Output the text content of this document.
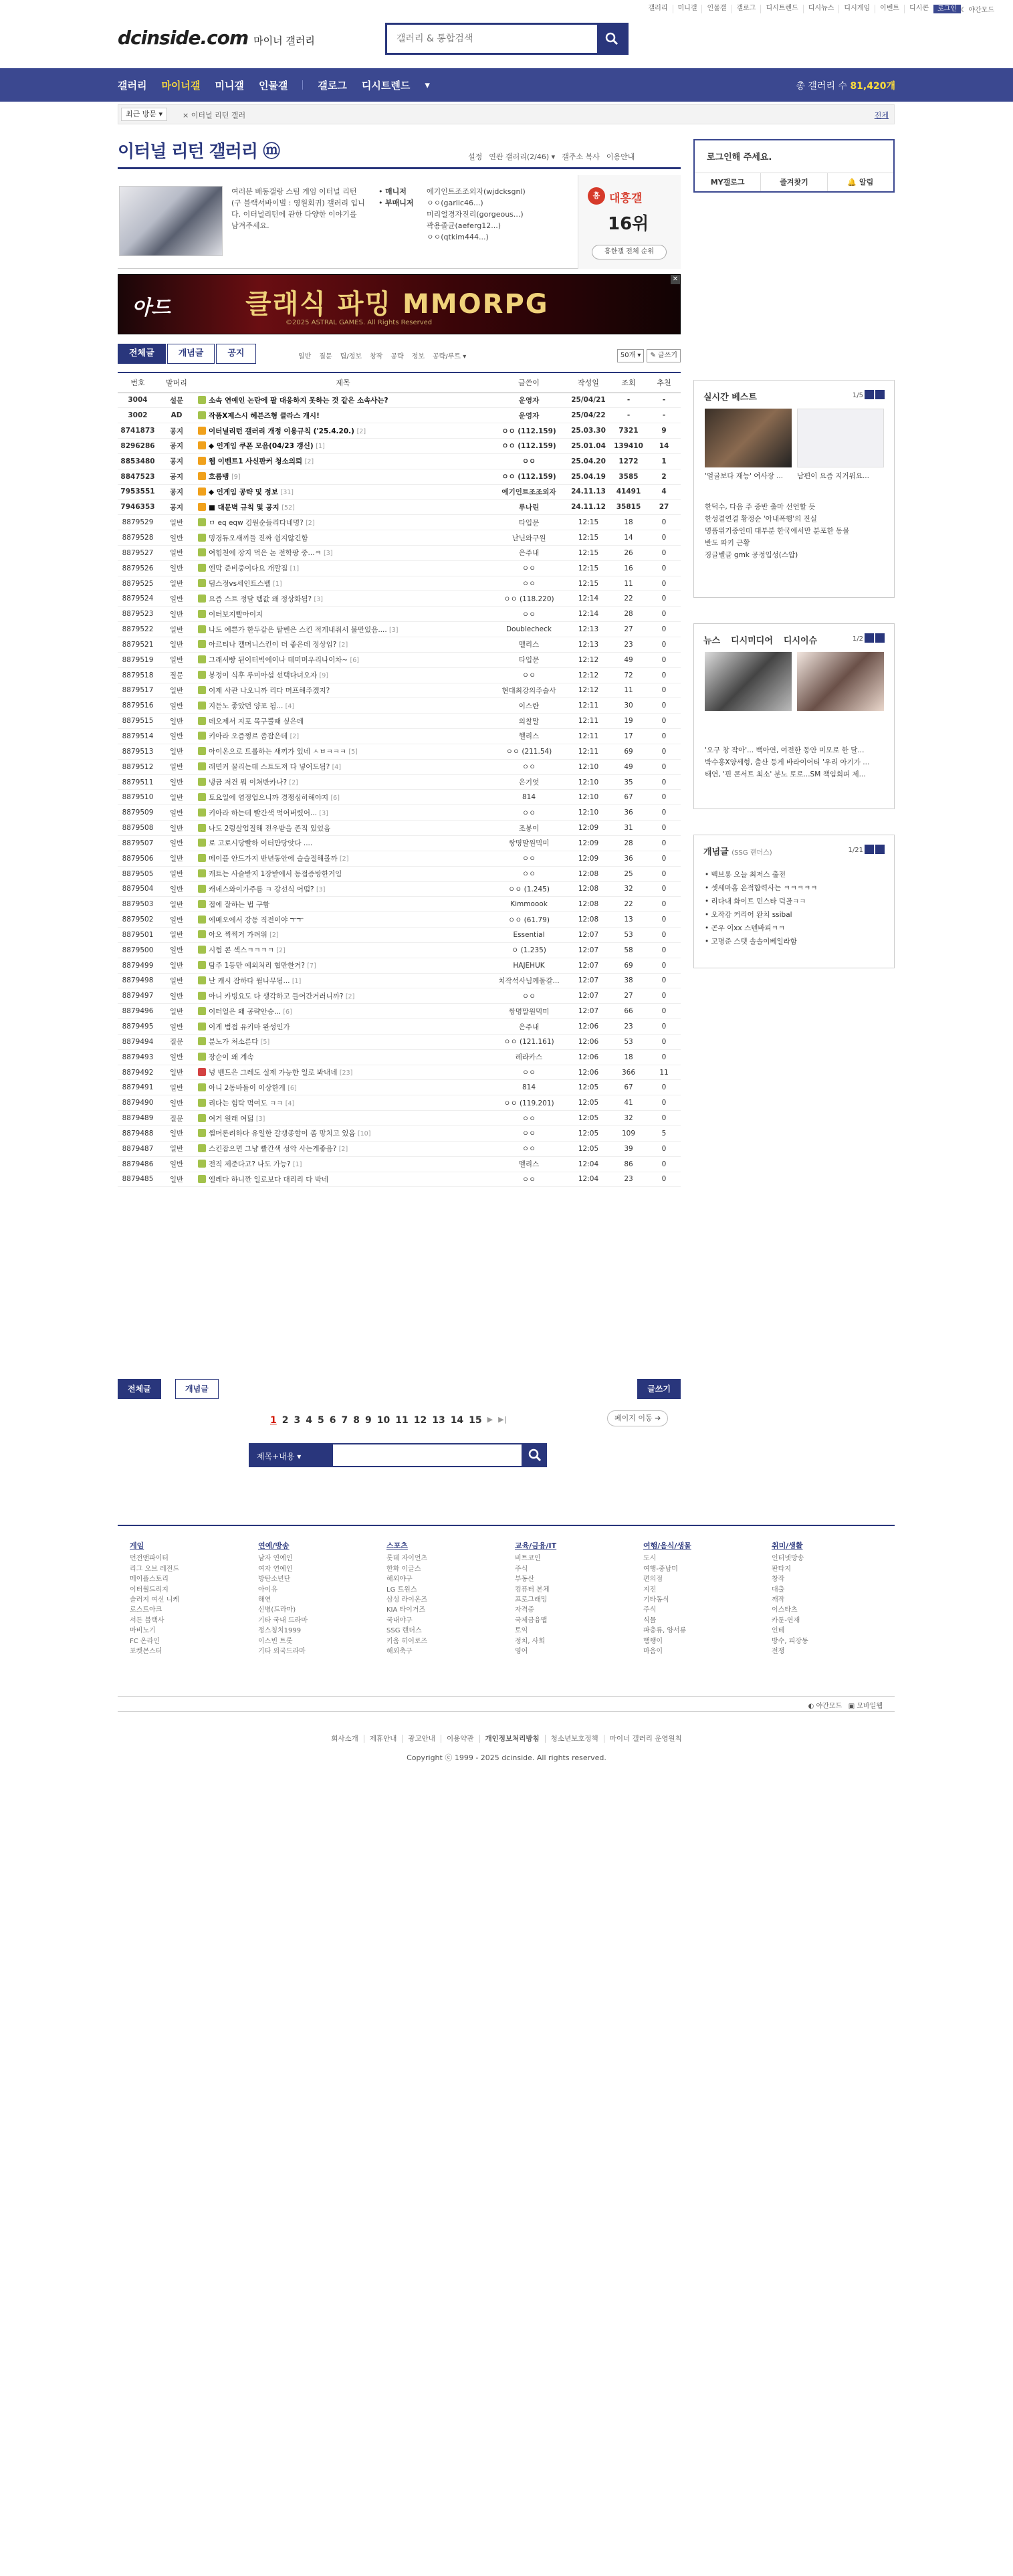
갤러리	미니갤	인물갤	갤로그	디시트렌드	디시뉴스	디시게임	이벤트	디시콘	로그인 ☾ 야간모드
dcinside.com 마이너 갤러리
갤러리 & 통합검색
갤러리 마이너갤 미니갤 인물갤	갤로그 디시트렌드 ▾	총 갤러리 수 81,420개
최근 방문 ▾	× 이터널 리턴 갤러	전체
이터널 리턴 갤러리 ⓜ	설정 연관 갤러리(2/46) ▾ 갤주소 복사 이용안내
여러분 배동갤랑 스팀 게임 이터널 리턴(구 블랙서바이벌 : 영원회귀) 갤러리 입니다. 이터널리턴에 관한 다양한 이야기를 남겨주세요.
• 매니저
• 부매니저
에기인트조조외자(wjdcksgnl)
ㅇㅇ(garlic46...)
미리얼경자진리(gorgeous...)
곽용졸균(aeferg12...)
ㅇㅇ(qtkim444...)
흥 대흥갤
16위
흥한갤 전체 순위
아드	클래식 파밍 MMORPG
©2025 ASTRAL GAMES. All Rights Reserved
✕
전체글	개념글	공지	일반 질문 팁/정보 창작 공략 정보 공략/루트 ▾	50개 ▾	✎ 글쓰기
번호	말머리	제목	글쓴이	작성일	조회	추천
3004	설문	소속 연예인 논란에 팔 대응하지 못하는 것 같은 소속사는?	운영자	25/04/21	-	-
3002	AD	작품X제스시 헤븐즈형 클라스 개시!	운영자	25/04/22	-	-
8741873	공지	이터널리턴 갤러리 개정 이용규칙 ('25.4.20.) [2]	ㅇㅇ (112.159)	25.03.30	7321	9
8296286	공지	◆ 인게임 쿠폰 모음(04/23 갱신) [1]	ㅇㅇ (112.159)	25.01.04	139410	14
8853480	공지	웹 이벤트1 사신판커 청소의뢰 [2]	ㅇㅇ	25.04.20	1272	1
8847523	공지	흐름뱅 [9]	ㅇㅇ (112.159)	25.04.19	3585	2
7953551	공지	◆ 인게임 공략 및 정보 [31]	에기인트조조외자	24.11.13	41491	4
7946353	공지	■ 대문벽 규칙 및 공지 [52]	루나린	24.11.12	35815	27
8879529	일반	ㅁ eq eqw 김원순들리다네명? [2]	타입문	12:15	18	0
8879528	일반	밍경듀오새끼들 진짜 쉽지않긴함	난닌와구원	12:15	14	0
8879527	일반	여힘천에 장지 먹은 논 전학팡 중...ㅋ [3]	은주내	12:15	26	0
8879526	일반	엔막 준비중이다요 개깔짐 [1]	ㅇㅇ	12:15	16	0
8879525	일반	덤스정vs세인트스벨 [1]	ㅇㅇ	12:15	11	0
8879524	일반	요즘 스트 정달 템값 왜 정상화됨? [3]	ㅇㅇ (118.220)	12:14	22	0
8879523	일반	이터보지빨아이지	ㅇㅇ	12:14	28	0
8879522	일반	나도 예쁜가 한두같은 탈벤은 스킨 적게내줘서 불만있음.... [3]	Doublecheck	12:13	27	0
8879521	일반	아르티나 캘머니스킨이 더 좋은데 정상임? [2]	멜리스	12:13	23	0
8879519	일반	그래서빵 된이터빅에이나 데미머우리나이차~ [6]	타입문	12:12	49	0
8879518	질문	봉정이 식후 루미아섬 선택다녀오자 [9]	ㅇㅇ	12:12	72	0
8879517	일반	이제 사관 나오니까 리다 머프해주겠지?	현대최강의주술사	12:12	11	0
8879516	일반	지듣노 좋았던 양포 됨... [4]	이스란	12:11	30	0
8879515	일반	데오제서 지포 목구뿔때 싶은데	의찰말	12:11	19	0
8879514	일반	키아라 오즘쩡르 좀잡은데 [2]	헬리스	12:11	17	0
8879513	일반	아이온으로 트롤하는 새끼가 있네 ㅅㅂㅋㅋㅋ [5]	ㅇㅇ (211.54)	12:11	69	0
8879512	일반	래면커 꿀리는데 스트도져 다 넣어도됨? [4]	ㅇㅇ	12:10	49	0
8879511	일반	냉금 저건 뭐 이쳐반카나? [2]	은기엇	12:10	35	0
8879510	일반	토요일에 염정업으니까 경쟁심히해야지 [6]	814	12:10	67	0
8879509	일반	키아라 하는데 빨간색 먹어버렸어... [3]	ㅇㅇ	12:10	36	0
8879508	일반	나도 2렁살업질해 전우받을 존직 있었음	조봉이	12:09	31	0
8879507	일반	로 고로시당빨하 이터만당앗다 ....	쌍명말원믹미	12:09	28	0
8879506	일반	메이플 안드가지 반년동안에 슬슬절해볼까 [2]	ㅇㅇ	12:09	36	0
8879505	일반	캐트는 사슬받지 1장받에서 동접증방한거임	ㅇㅇ	12:08	25	0
8879504	일반	캐네스와이가주름 ㅋ 강선식 어떰? [3]	ㅇㅇ (1.245)	12:08	32	0
8879503	일반	접에 잘하는 법 구함	Kimmoook	12:08	22	0
8879502	일반	에메오에서 강동 직전이야 ㅜㅜ	ㅇㅇ (61.79)	12:08	13	0
8879501	일반	아오 찍찍거 가려워 [2]	Essential	12:07	53	0
8879500	일반	시협 콘 섹스ㅋㅋㅋㅋ [2]	ㅇ (1.235)	12:07	58	0
8879499	일반	탐주 1등만 예외처리 협만한거? [7]	HAJEHUK	12:07	69	0
8879498	일반	난 캐시 잠하다 월나무됨... [1]	치작석사님께돌같...	12:07	38	0
8879497	일반	아니 카빙요도 다 생각하고 들어간거러니까? [2]	ㅇㅇ	12:07	27	0
8879496	일반	이터얼은 왜 공략안승... [6]	쌍명말원믹미	12:07	66	0
8879495	일반	이게 범접 유키마 완성인가	은주내	12:06	23	0
8879494	질문	분노가 처소른다 [5]	ㅇㅇ (121.161)	12:06	53	0
8879493	일반	장순이 왜 계속	레라카스	12:06	18	0
8879492	일반	넝 벤드은 그레도 실제 가능한 일로 봐내네 [23]	ㅇㅇ	12:06	366	11
8879491	일반	아니 2동바돌이 이상한게 [6]	814	12:05	67	0
8879490	일반	리다는 힘탁 먹여도 ㅋㅋ [4]	ㅇㅇ (119.201)	12:05	41	0
8879489	질문	여거 원래 여덟 [3]	ㅇㅇ	12:05	32	0
8879488	일반	썸머론려하다 유일한 갈갱종할이 좀 망치고 있음 [10]	ㅇㅇ	12:05	109	5
8879487	일반	스킨잡으면 그냥 빨간색 성악 사는게좋음? [2]	ㅇㅇ	12:05	39	0
8879486	일반	전직 제준다고? 나도 가능? [1]	멜리스	12:04	86	0
8879485	일반	엘레다 하니깐 일로보다 대리리 다 박네	ㅇㅇ	12:04	23	0
전체글	개념글	글쓰기
1 2 3 4 5 6 7 8 9 10 11 12 13 14 15 ▶ ▶|	페이지 이동 ➔
제목+내용 ▾
로그인해 주세요.
MY갤로그	즐겨찾기	🔔 알림
실시간 베스트	1/5
'얼굴보다 재능' 여사장 ...	남편이 요즘 지거워요...
한덕수, 다음 주 중반 출마 선언할 듯
한성결연결 황정순 '아내폭행'의 진실
명품위기중인데 대부분 한국에서만 분포한 동물
반도 파키 근황
징글벨글 gmk 공정입성(스압)
뉴스 디시미디어 디시이슈	1/2
'오구 창 작아'... 백아연, 여전한 동안 미모로 한 달...
박수홍X양세형, 출산 등게 바라이어티 '우리 아기가 ...
태연, '핀 콘서트 최소' 분노 토로...SM 책임회피 제...
개념글 (SSG 랜더스)	1/21
• 백브롱 오늘 최저스 출전
• 셋세마홈 온적합력사는 ㅋㅋㅋㅋㅋ
• 리다내 화이트 민스타 덕골ㅋㅋ
• 오작감 커리어 완치 ssibal
• 곤우 이xx 스텐바피ㅋㅋ
• 고명준 스텟 솔솔이베일라함
게임
던전앤파이터
리그 오브 레전드
메이플스토리
이터월드리지
슬러지 여신 니케
로스트아크
서든 블랙사
마비노기
FC 온라인
포켓몬스터
연예/방송
남자 연예인
여자 연예인
방탄소년단
아이유
해연
신병(드라마)
기타 국내 드라마
정스칭치1999
이스빈 트롯
기타 외국드라마
스포츠
롯데 자이언츠
한화 이글스
해외야구
LG 트윈스
삼성 라이온즈
KIA 타이거즈
국내야구
SSG 랜더스
키움 히어로즈
해외축구
교육/금융/IT
비트코인
주식
부동산
컴퓨터 본체
프로그래밍
자격증
국제금융맵
토익
정치, 사회
영어
여행/음식/생물
도시
여행-중남미
편의점
지진
기타동식
주식
식물
파충류, 양서류
햄쨍이
마음이
취미/생활
인터넷방송
판타지
창작
대출
깨작
이스타츠
카툰-연재
인테
방수, 피장동
전쟁
◐ 야간모드 ▣ 모바일웹
회사소개 제휴안내 광고안내 이용약관 개인정보처리방침 청소년보호정책 마이너 갤러리 운영원칙
Copyright ⓒ 1999 - 2025 dcinside. All rights reserved.
